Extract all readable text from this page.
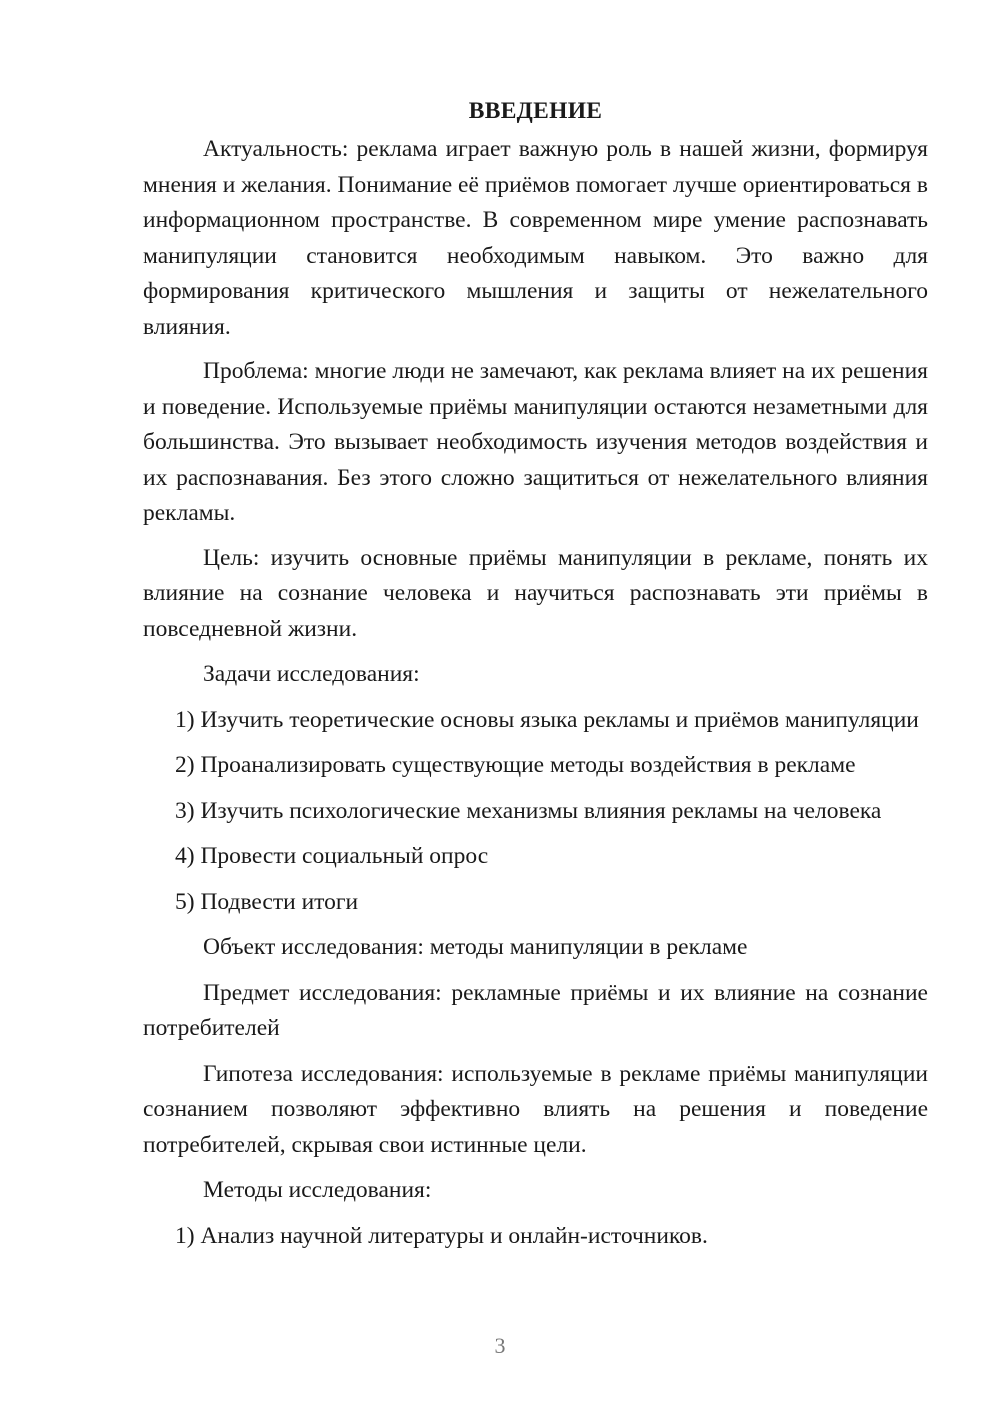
ВВЕДЕНИЕ

Актуальность: реклама играет важную роль в нашей жизни, формируя мнения и желания. Понимание её приёмов помогает лучше ориентироваться в информационном пространстве. В современном мире умение распознавать манипуляции становится необходимым навыком. Это важно для формирования критического мышления и защиты от нежелательного влияния.

Проблема: многие люди не замечают, как реклама влияет на их решения и поведение. Используемые приёмы манипуляции остаются незаметными для большинства. Это вызывает необходимость изучения методов воздействия и их распознавания. Без этого сложно защититься от нежелательного влияния рекламы.

Цель: изучить основные приёмы манипуляции в рекламе, понять их влияние на сознание человека и научиться распознавать эти приёмы в повседневной жизни.

Задачи исследования:

1) Изучить теоретические основы языка рекламы и приёмов манипуляции

2) Проанализировать существующие методы воздействия в рекламе

3) Изучить психологические механизмы влияния рекламы на человека

4) Провести социальный опрос

5) Подвести итоги

Объект исследования: методы манипуляции в рекламе

Предмет исследования: рекламные приёмы и их влияние на сознание потребителей

Гипотеза исследования: используемые в рекламе приёмы манипуляции сознанием позволяют эффективно влиять на решения и поведение потребителей, скрывая свои истинные цели.

Методы исследования:

1) Анализ научной литературы и онлайн-источников.

3
